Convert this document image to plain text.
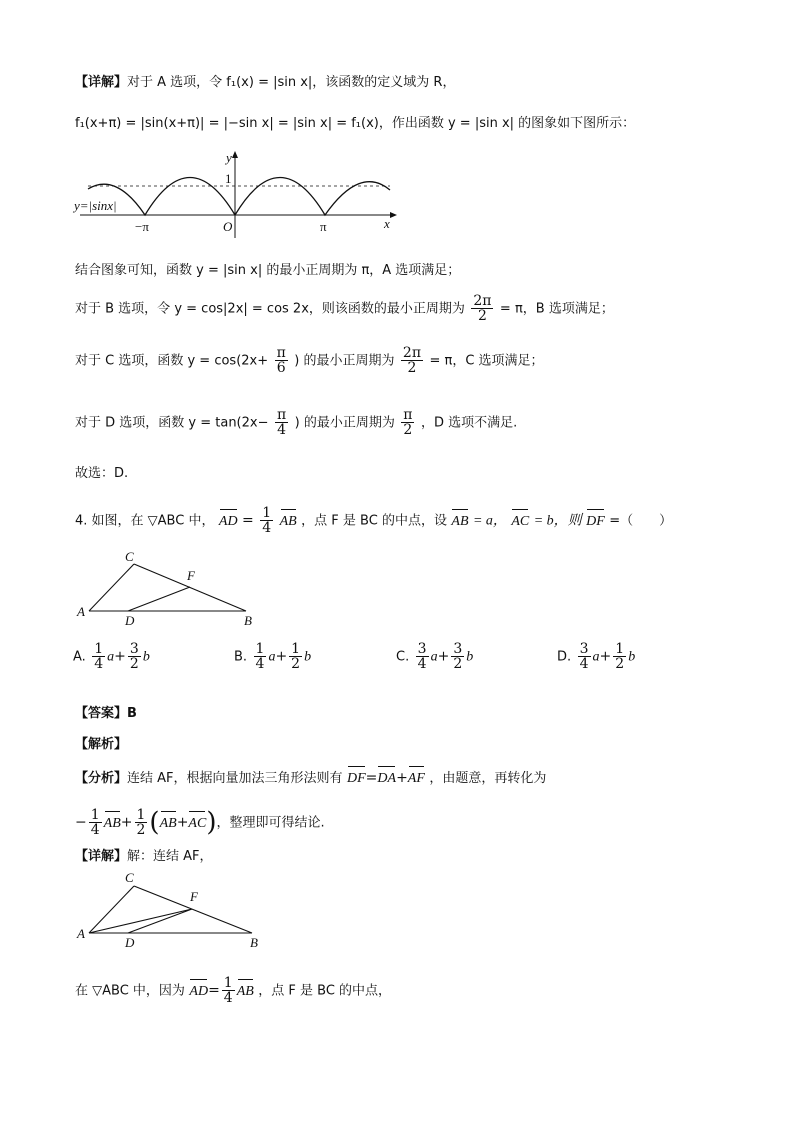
【详解】对于 A 选项，令 f₁(x) = |sin x|，该函数的定义域为 R，
f₁(x+π) = |sin(x+π)| = |−sin x| = |sin x| = f₁(x)，作出函数 y = |sin x| 的图象如下图所示：
y
x
1
O
−π	π
y=|sinx|
结合图象可知，函数 y = |sin x| 的最小正周期为 π，A 选项满足；
对于 B 选项，令 y = cos|2x| = cos 2x，则该函数的最小正周期为 $\frac{2\pi}{2} = \pi$，B 选项满足；
对于 C 选项，函数 $y = \cos(2x+ \frac{\pi}{6}$ ) 的最小正周期为 $\frac{2\pi}{2} = \pi$，C 选项满足；
对于 D 选项，函数 $y = \tan(2x- \frac{\pi}{4}$ ) 的最小正周期为 $\frac{\pi}{2}$ ，D 选项不满足.
故选：D.
4. 如图，在 ▽ABC 中， AD = $\frac{1}{4}$ AB ，点 F 是 BC 的中点，设 AB = a， AC = b，则 DF =（　　）
A
B
C
D
F
A. $\frac{1}{4} a+ \frac{3}{2}$ b	B. $\frac{1}{4} a+ \frac{1}{2}$ b	C. $\frac{3}{4} a+ \frac{3}{2}$ b	D. $\frac{3}{4} a+ \frac{1}{2}$ b
【答案】B
【解析】
【分析】连结 AF，根据向量加法三角形法则有 DF=DA+AF ，由题意，再转化为
− $\frac{1}{4} AB+ \frac{1}{2} (AB+AC)$，整理即可得结论.
【详解】解：连结 AF，
A
B
C
D
F
在 ▽ABC 中，因为 $AD= \frac{1}{4}$ AB ，点 F 是 BC 的中点，
